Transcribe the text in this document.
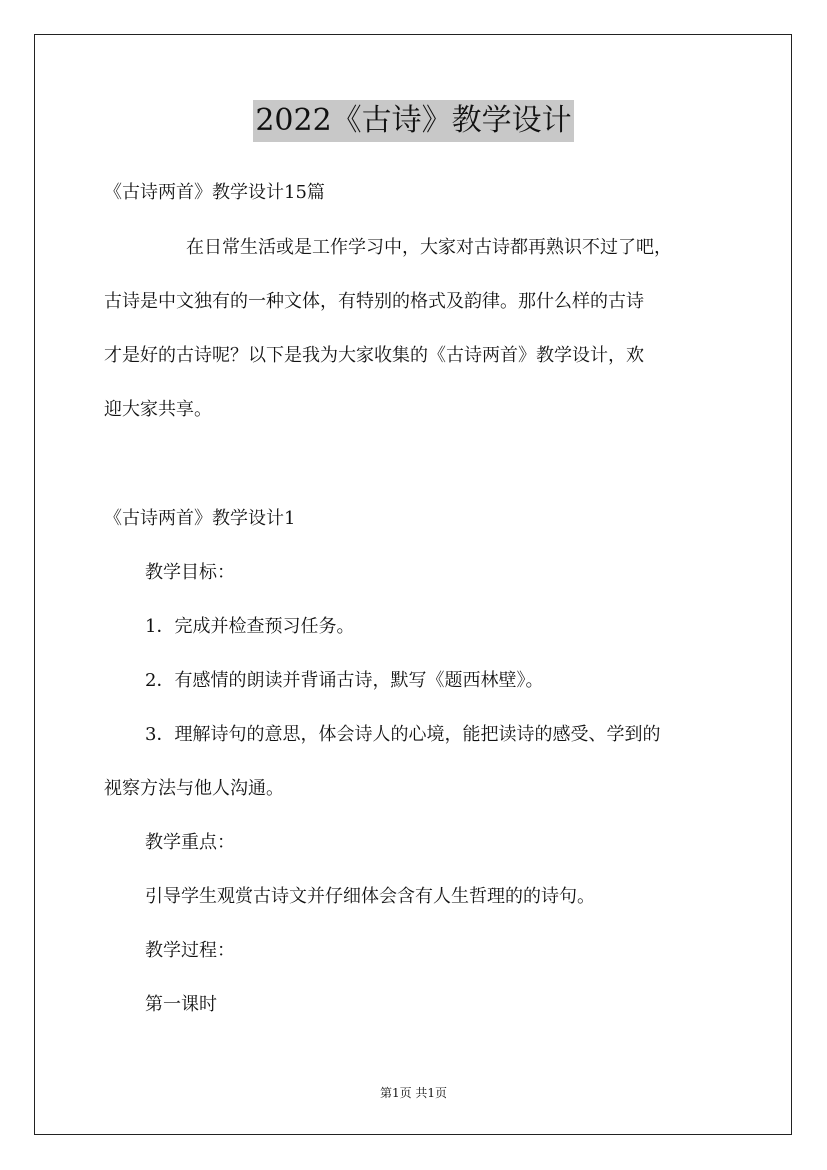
2022《古诗》教学设计
《古诗两首》教学设计15篇
在日常生活或是工作学习中，大家对古诗都再熟识不过了吧，
古诗是中文独有的一种文体，有特别的格式及韵律。那什么样的古诗
才是好的古诗呢？以下是我为大家收集的《古诗两首》教学设计，欢
迎大家共享。
《古诗两首》教学设计1
教学目标：
1．完成并检查预习任务。
2．有感情的朗读并背诵古诗，默写《题西林壁》。
3．理解诗句的意思，体会诗人的心境，能把读诗的感受、学到的
视察方法与他人沟通。
教学重点：
引导学生观赏古诗文并仔细体会含有人生哲理的的诗句。
教学过程：
第一课时
第1页 共1页
